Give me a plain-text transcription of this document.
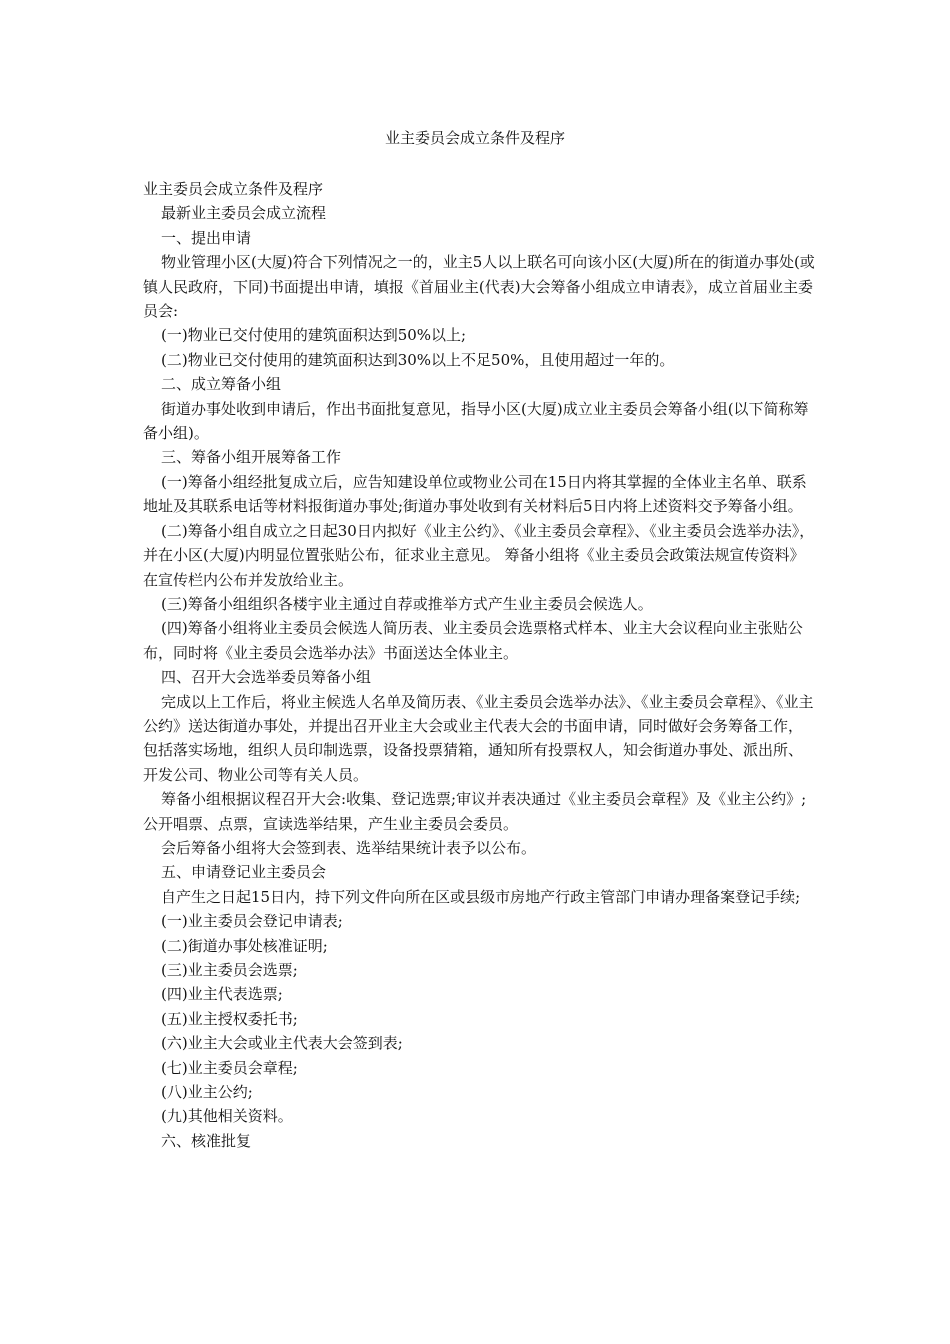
业主委员会成立条件及程序

业主委员会成立条件及程序

最新业主委员会成立流程

一、提出申请

物业管理小区(大厦)符合下列情况之一的，业主5人以上联名可向该小区(大厦)所在的街道办事处(或镇人民政府，下同)书面提出申请，填报《首届业主(代表)大会筹备小组成立申请表》，成立首届业主委员会:

(一)物业已交付使用的建筑面积达到50%以上;

(二)物业已交付使用的建筑面积达到30%以上不足50%，且使用超过一年的。

二、成立筹备小组

街道办事处收到申请后，作出书面批复意见，指导小区(大厦)成立业主委员会筹备小组(以下简称筹备小组)。

三、筹备小组开展筹备工作

(一)筹备小组经批复成立后，应告知建设单位或物业公司在15日内将其掌握的全体业主名单、联系地址及其联系电话等材料报街道办事处;街道办事处收到有关材料后5日内将上述资料交予筹备小组。

(二)筹备小组自成立之日起30日内拟好《业主公约》、《业主委员会章程》、《业主委员会选举办法》，并在小区(大厦)内明显位置张贴公布，征求业主意见。 筹备小组将《业主委员会政策法规宣传资料》在宣传栏内公布并发放给业主。

(三)筹备小组组织各楼宇业主通过自荐或推举方式产生业主委员会候选人。

(四)筹备小组将业主委员会候选人简历表、业主委员会选票格式样本、业主大会议程向业主张贴公布，同时将《业主委员会选举办法》书面送达全体业主。

四、召开大会选举委员筹备小组

完成以上工作后，将业主候选人名单及简历表、《业主委员会选举办法》、《业主委员会章程》、《业主公约》送达街道办事处，并提出召开业主大会或业主代表大会的书面申请，同时做好会务筹备工作，包括落实场地，组织人员印制选票，设备投票猜箱，通知所有投票权人，知会街道办事处、派出所、开发公司、物业公司等有关人员。

筹备小组根据议程召开大会:收集、登记选票;审议并表决通过《业主委员会章程》及《业主公约》;公开唱票、点票，宣读选举结果，产生业主委员会委员。

会后筹备小组将大会签到表、选举结果统计表予以公布。

五、申请登记业主委员会

自产生之日起15日内，持下列文件向所在区或县级市房地产行政主管部门申请办理备案登记手续;

(一)业主委员会登记申请表;

(二)街道办事处核准证明;

(三)业主委员会选票;

(四)业主代表选票;

(五)业主授权委托书;

(六)业主大会或业主代表大会签到表;

(七)业主委员会章程;

(八)业主公约;

(九)其他相关资料。

六、核准批复
